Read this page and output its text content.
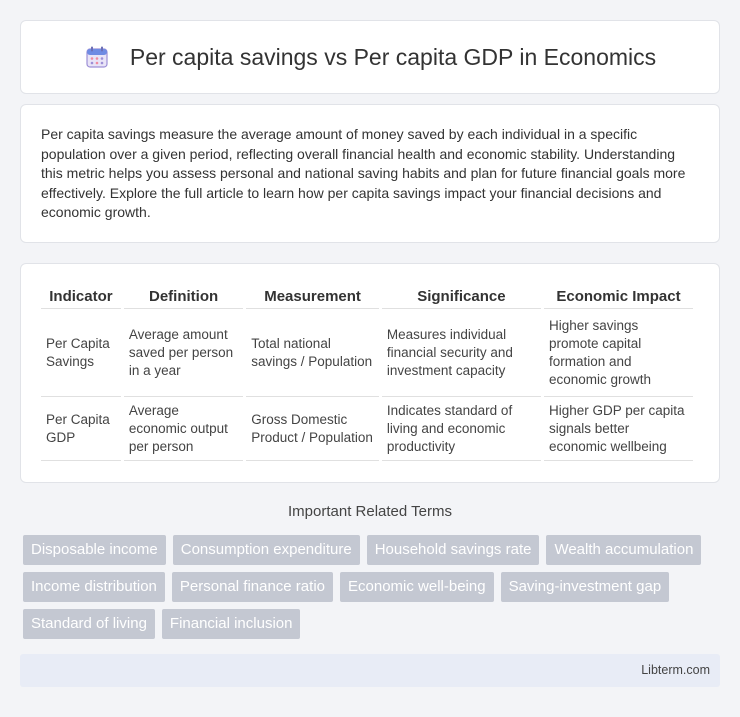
Per capita savings vs Per capita GDP in Economics

Per capita savings measure the average amount of money saved by each individual in a specific population over a given period, reflecting overall financial health and economic stability. Understanding this metric helps you assess personal and national saving habits and plan for future financial goals more effectively. Explore the full article to learn how per capita savings impact your financial decisions and economic growth.

Indicator	Definition	Measurement	Significance	Economic Impact
Per Capita Savings	Average amount saved per person in a year	Total national savings / Population	Measures individual financial security and investment capacity	Higher savings promote capital formation and economic growth
Per Capita GDP	Average economic output per person	Gross Domestic Product / Population	Indicates standard of living and economic productivity	Higher GDP per capita signals better economic wellbeing
Important Related Terms
Disposable income	Consumption expenditure	Household savings rate	Wealth accumulation
Income distribution	Personal finance ratio	Economic well-being	Saving-investment gap
Standard of living	Financial inclusion
Libterm.com
